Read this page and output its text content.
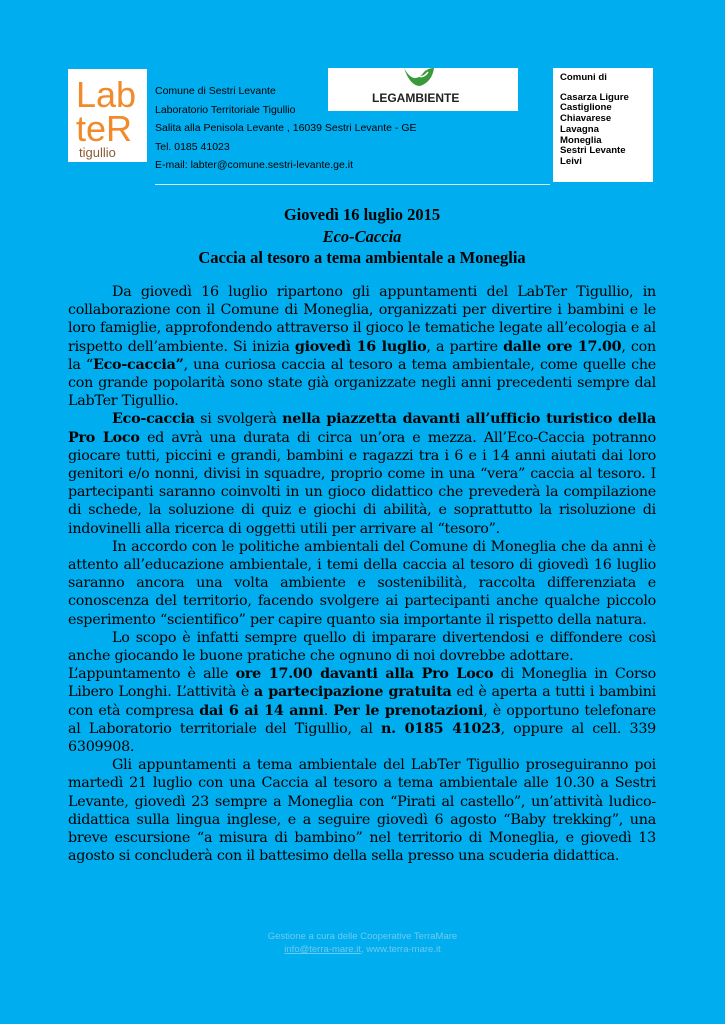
Lab
teR
tigullio
Comune di Sestri Levante
Laboratorio Territoriale Tigullio
Salita alla Penisola Levante , 16039 Sestri Levante - GE
Tel. 0185 41023
E-mail: labter@comune.sestri-levante.ge.it
LEGAMBIENTE
Comuni di
Casarza Ligure
Castiglione Chiavarese
Lavagna
Moneglia
Sestri Levante
Leivi
Giovedì 16 luglio 2015
Eco-Caccia
Caccia al tesoro a tema ambientale a Moneglia

Da giovedì 16 luglio ripartono gli appuntamenti del LabTer Tigullio, in collaborazione con il Comune di Moneglia, organizzati per divertire i bambini e le loro famiglie, approfondendo attraverso il gioco le tematiche legate all’ecologia e al rispetto dell’ambiente. Si inizia giovedì 16 luglio, a partire dalle ore 17.00, con la “Eco-caccia”, una curiosa caccia al tesoro a tema ambientale, come quelle che con grande popolarità sono state già organizzate negli anni precedenti sempre dal LabTer Tigullio.

Eco-caccia si svolgerà nella piazzetta davanti all’ufficio turistico della Pro Loco ed avrà una durata di circa un’ora e mezza. All’Eco-Caccia potranno giocare tutti, piccini e grandi, bambini e ragazzi tra i 6 e i 14 anni aiutati dai loro genitori e/o nonni, divisi in squadre, proprio come in una “vera” caccia al tesoro. I partecipanti saranno coinvolti in un gioco didattico che prevederà la compilazione di schede, la soluzione di quiz e giochi di abilità, e soprattutto la risoluzione di indovinelli alla ricerca di oggetti utili per arrivare al “tesoro”.

In accordo con le politiche ambientali del Comune di Moneglia che da anni è attento all’educazione ambientale, i temi della caccia al tesoro di giovedì 16 luglio saranno ancora una volta ambiente e sostenibilità, raccolta differenziata e conoscenza del territorio, facendo svolgere ai partecipanti anche qualche piccolo esperimento “scientifico” per capire quanto sia importante il rispetto della natura.

Lo scopo è infatti sempre quello di imparare divertendosi e diffondere così anche giocando le buone pratiche che ognuno di noi dovrebbe adottare.

L’appuntamento è alle ore 17.00 davanti alla Pro Loco di Moneglia in Corso Libero Longhi. L’attività è a partecipazione gratuita ed è aperta a tutti i bambini con età compresa dai 6 ai 14 anni. Per le prenotazioni, è opportuno telefonare al Laboratorio territoriale del Tigullio, al n. 0185 41023, oppure al cell. 339 6309908.

Gli appuntamenti a tema ambientale del LabTer Tigullio proseguiranno poi martedì 21 luglio con una Caccia al tesoro a tema ambientale alle 10.30 a Sestri Levante, giovedì 23 sempre a Moneglia con “Pirati al castello”, un’attività ludico-didattica sulla lingua inglese, e a seguire giovedì 6 agosto “Baby trekking”, una breve escursione “a misura di bambino” nel territorio di Moneglia, e giovedì 13 agosto si concluderà con il battesimo della sella presso una scuderia didattica.

Gestione a cura delle Cooperative TerraMare
info@terra-mare.it, www.terra-mare.it
